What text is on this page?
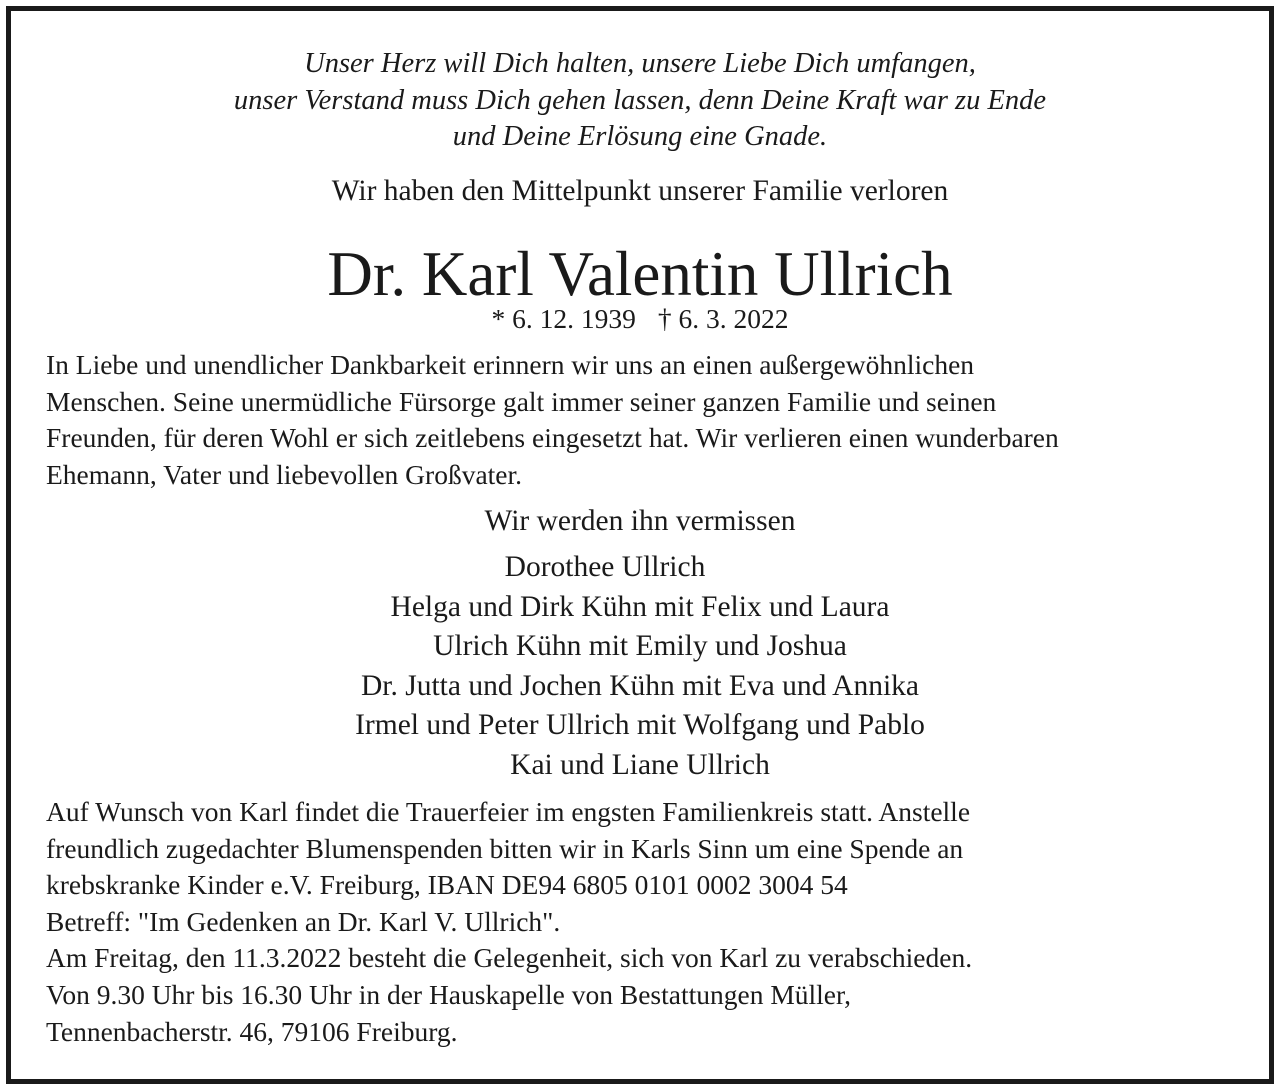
Unser Herz will Dich halten, unsere Liebe Dich umfangen,
unser Verstand muss Dich gehen lassen, denn Deine Kraft war zu Ende
und Deine Erlösung eine Gnade.
Wir haben den Mittelpunkt unserer Familie verloren
Dr. Karl Valentin Ullrich
* 6. 12. 1939 † 6. 3. 2022
In Liebe und unendlicher Dankbarkeit erinnern wir uns an einen außergewöhnlichen
Menschen. Seine unermüdliche Fürsorge galt immer seiner ganzen Familie und seinen
Freunden, für deren Wohl er sich zeitlebens eingesetzt hat. Wir verlieren einen wunderbaren
Ehemann, Vater und liebevollen Großvater.
Wir werden ihn vermissen
Dorothee Ullrich
Helga und Dirk Kühn mit Felix und Laura
Ulrich Kühn mit Emily und Joshua
Dr. Jutta und Jochen Kühn mit Eva und Annika
Irmel und Peter Ullrich mit Wolfgang und Pablo
Kai und Liane Ullrich
Auf Wunsch von Karl findet die Trauerfeier im engsten Familienkreis statt. Anstelle
freundlich zugedachter Blumenspenden bitten wir in Karls Sinn um eine Spende an
krebskranke Kinder e.V. Freiburg, IBAN DE94 6805 0101 0002 3004 54
Betreff: "Im Gedenken an Dr. Karl V. Ullrich".
Am Freitag, den 11.3.2022 besteht die Gelegenheit, sich von Karl zu verabschieden.
Von 9.30 Uhr bis 16.30 Uhr in der Hauskapelle von Bestattungen Müller,
Tennenbacherstr. 46, 79106 Freiburg.
